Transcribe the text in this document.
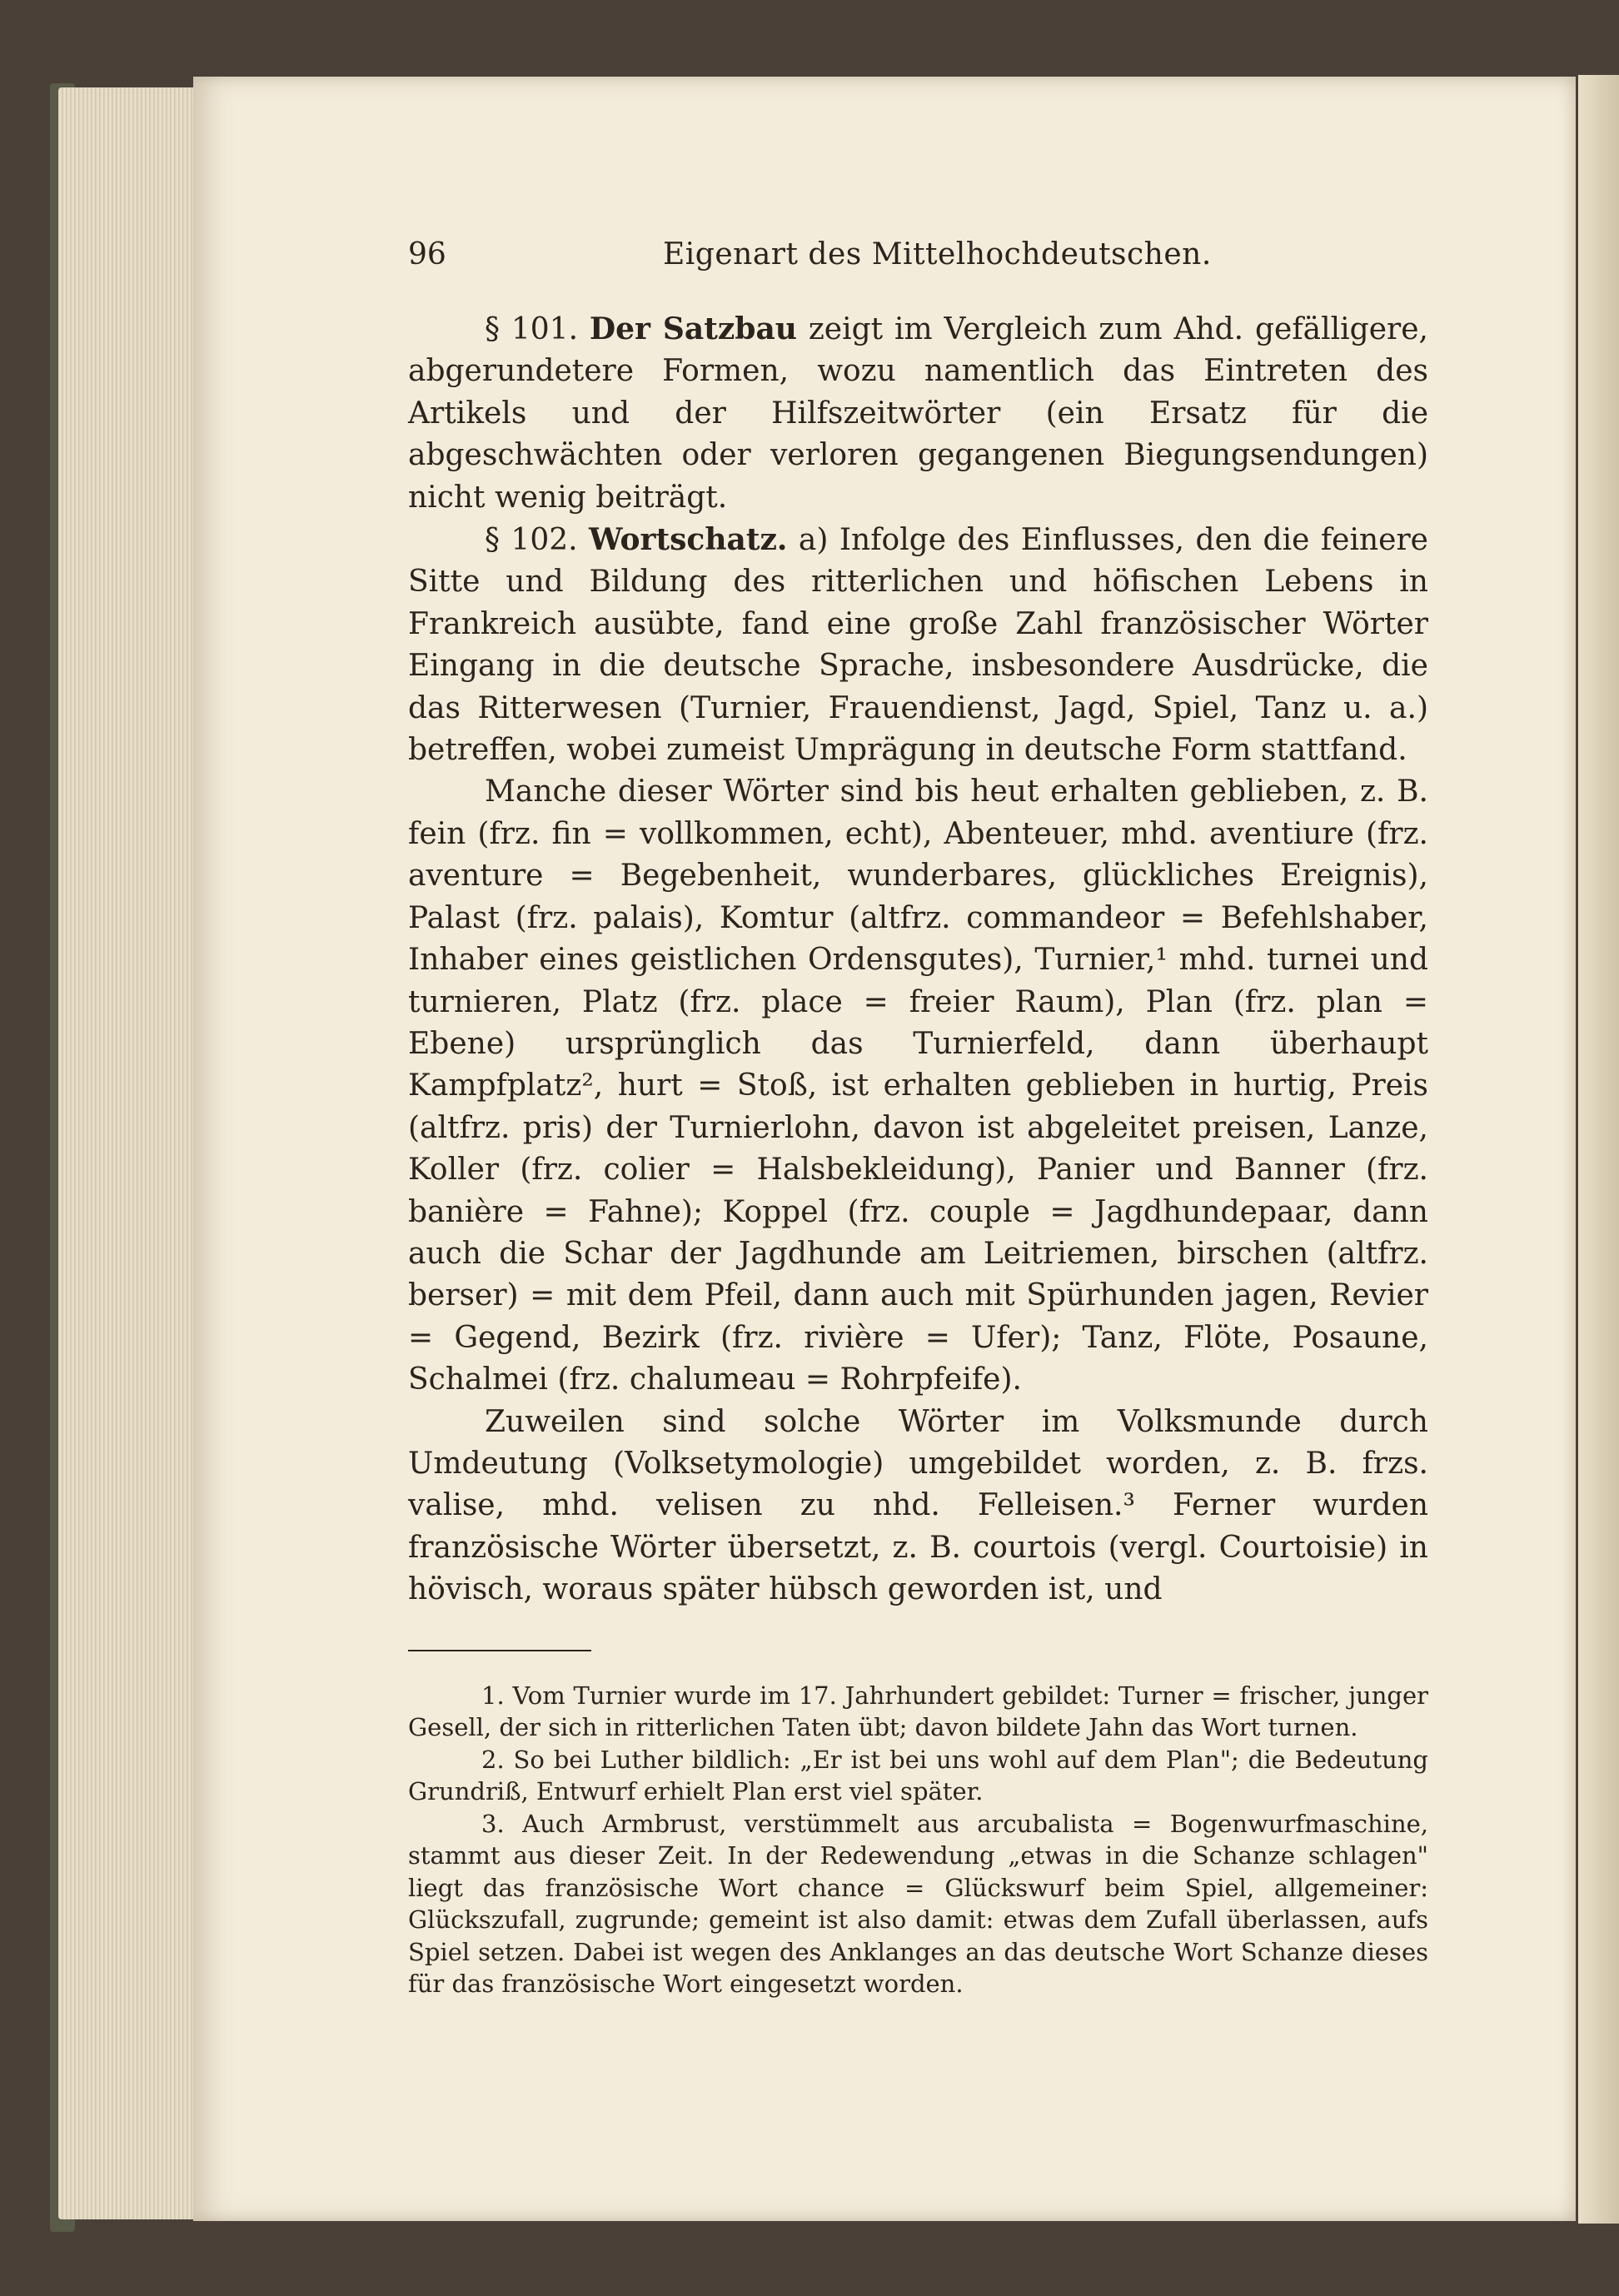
96	Eigenart des Mittelhochdeutschen.

§ 101. Der Satzbau zeigt im Vergleich zum Ahd. gefälligere, abgerundetere Formen, wozu namentlich das Eintreten des Artikels und der Hilfszeitwörter (ein Ersatz für die abgeschwächten oder verloren gegangenen Biegungsendungen) nicht wenig beiträgt.

§ 102. Wortschatz. a) Infolge des Einflusses, den die feinere Sitte und Bildung des ritterlichen und höfischen Lebens in Frankreich ausübte, fand eine große Zahl französischer Wörter Eingang in die deutsche Sprache, insbesondere Ausdrücke, die das Ritterwesen (Turnier, Frauendienst, Jagd, Spiel, Tanz u. a.) betreffen, wobei zumeist Umprägung in deutsche Form stattfand.

Manche dieser Wörter sind bis heut erhalten geblieben, z. B. fein (frz. fin = vollkommen, echt), Abenteuer, mhd. aventiure (frz. aventure = Begebenheit, wunderbares, glückliches Ereignis), Palast (frz. palais), Komtur (altfrz. commandeor = Befehlshaber, Inhaber eines geistlichen Ordensgutes), Turnier,¹ mhd. turnei und turnieren, Platz (frz. place = freier Raum), Plan (frz. plan = Ebene) ursprünglich das Turnierfeld, dann überhaupt Kampfplatz², hurt = Stoß, ist erhalten geblieben in hurtig, Preis (altfrz. pris) der Turnierlohn, davon ist abgeleitet preisen, Lanze, Koller (frz. colier = Halsbekleidung), Panier und Banner (frz. banière = Fahne); Koppel (frz. couple = Jagdhundepaar, dann auch die Schar der Jagdhunde am Leitriemen, birschen (altfrz. berser) = mit dem Pfeil, dann auch mit Spürhunden jagen, Revier = Gegend, Bezirk (frz. rivière = Ufer); Tanz, Flöte, Posaune, Schalmei (frz. chalumeau = Rohrpfeife).

Zuweilen sind solche Wörter im Volksmunde durch Umdeutung (Volksetymologie) umgebildet worden, z. B. frzs. valise, mhd. velisen zu nhd. Felleisen.³ Ferner wurden französische Wörter übersetzt, z. B. courtois (vergl. Courtoisie) in hövisch, woraus später hübsch geworden ist, und

1. Vom Turnier wurde im 17. Jahrhundert gebildet: Turner = frischer, junger Gesell, der sich in ritterlichen Taten übt; davon bildete Jahn das Wort turnen.

2. So bei Luther bildlich: „Er ist bei uns wohl auf dem Plan"; die Bedeutung Grundriß, Entwurf erhielt Plan erst viel später.

3. Auch Armbrust, verstümmelt aus arcubalista = Bogenwurfmaschine, stammt aus dieser Zeit. In der Redewendung „etwas in die Schanze schlagen" liegt das französische Wort chance = Glückswurf beim Spiel, allgemeiner: Glückszufall, zugrunde; gemeint ist also damit: etwas dem Zufall überlassen, aufs Spiel setzen. Dabei ist wegen des Anklanges an das deutsche Wort Schanze dieses für das französische Wort eingesetzt worden.
